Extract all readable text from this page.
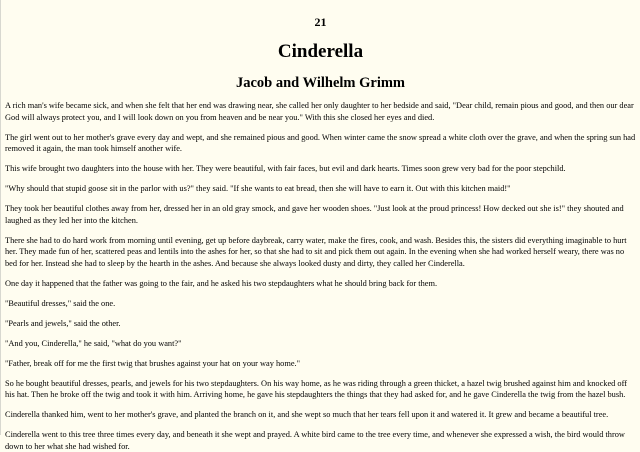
21

Cinderella
Jacob and Wilhelm Grimm

A rich man's wife became sick, and when she felt that her end was drawing near, she called her only daughter to her bedside and said, "Dear child, remain pious and good, and then our dear God will always protect you, and I will look down on you from heaven and be near you." With this she closed her eyes and died.

The girl went out to her mother's grave every day and wept, and she remained pious and good. When winter came the snow spread a white cloth over the grave, and when the spring sun had removed it again, the man took himself another wife.

This wife brought two daughters into the house with her. They were beautiful, with fair faces, but evil and dark hearts. Times soon grew very bad for the poor stepchild.

"Why should that stupid goose sit in the parlor with us?" they said. "If she wants to eat bread, then she will have to earn it. Out with this kitchen maid!"

They took her beautiful clothes away from her, dressed her in an old gray smock, and gave her wooden shoes. "Just look at the proud princess! How decked out she is!" they shouted and laughed as they led her into the kitchen.

There she had to do hard work from morning until evening, get up before daybreak, carry water, make the fires, cook, and wash. Besides this, the sisters did everything imaginable to hurt her. They made fun of her, scattered peas and lentils into the ashes for her, so that she had to sit and pick them out again. In the evening when she had worked herself weary, there was no bed for her. Instead she had to sleep by the hearth in the ashes. And because she always looked dusty and dirty, they called her Cinderella.

One day it happened that the father was going to the fair, and he asked his two stepdaughters what he should bring back for them.

"Beautiful dresses," said the one.

"Pearls and jewels," said the other.

"And you, Cinderella," he said, "what do you want?"

"Father, break off for me the first twig that brushes against your hat on your way home."

So he bought beautiful dresses, pearls, and jewels for his two stepdaughters. On his way home, as he was riding through a green thicket, a hazel twig brushed against him and knocked off his hat. Then he broke off the twig and took it with him. Arriving home, he gave his stepdaughters the things that they had asked for, and he gave Cinderella the twig from the hazel bush.

Cinderella thanked him, went to her mother's grave, and planted the branch on it, and she wept so much that her tears fell upon it and watered it. It grew and became a beautiful tree.

Cinderella went to this tree three times every day, and beneath it she wept and prayed. A white bird came to the tree every time, and whenever she expressed a wish, the bird would throw down to her what she had wished for.
